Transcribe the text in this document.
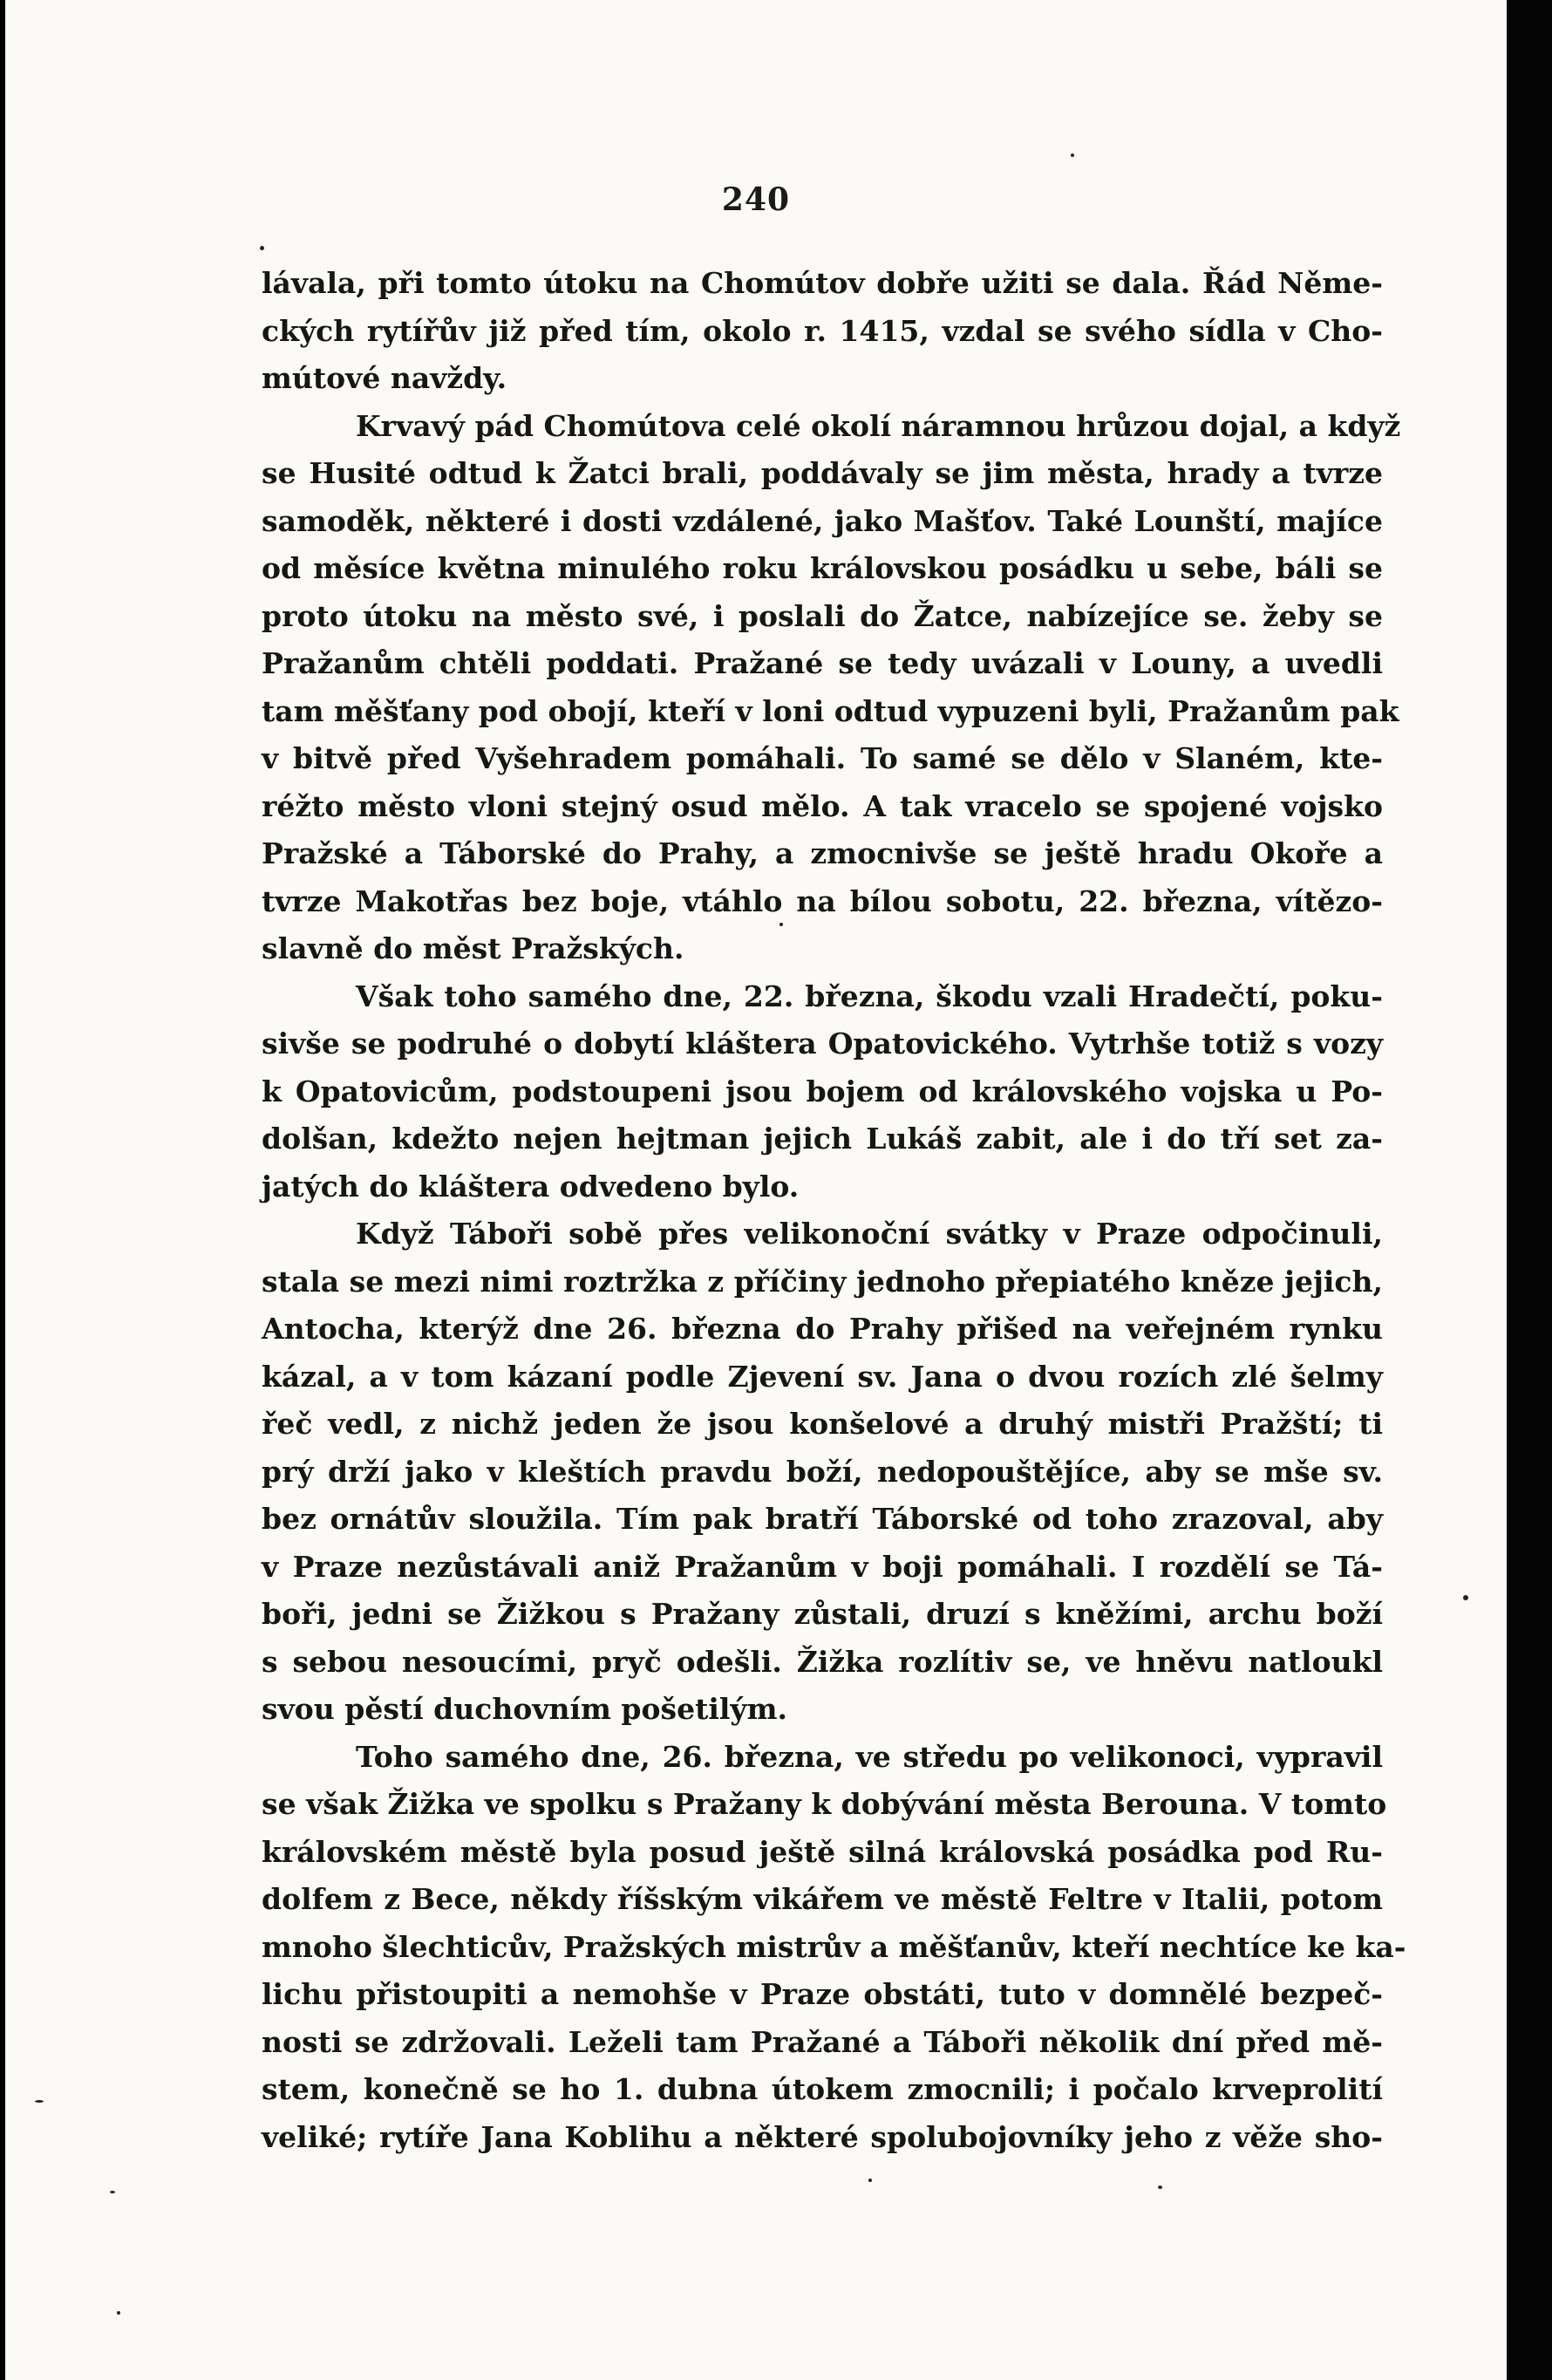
240
lávala, při tomto útoku na Chomútov dobře užiti se dala. Řád Něme-
ckých rytířův již před tím, okolo r. 1415, vzdal se svého sídla v Cho-
mútové navždy.
Krvavý pád Chomútova celé okolí náramnou hrůzou dojal, a když
se Husité odtud k Žatci brali, poddávaly se jim města, hrady a tvrze
samoděk, některé i dosti vzdálené, jako Mašťov. Také Lounští, majíce
od měsíce května minulého roku královskou posádku u sebe, báli se
proto útoku na město své, i poslali do Žatce, nabízejíce se. žeby se
Pražanům chtěli poddati. Pražané se tedy uvázali v Louny, a uvedli
tam měšťany pod obojí, kteří v loni odtud vypuzeni byli, Pražanům pak
v bitvě před Vyšehradem pomáhali. To samé se dělo v Slaném, kte-
réžto město vloni stejný osud mělo. A tak vracelo se spojené vojsko
Pražské a Táborské do Prahy, a zmocnivše se ještě hradu Okoře a
tvrze Makotřas bez boje, vtáhlo na bílou sobotu, 22. března, vítězo-
slavně do měst Pražských.
Však toho samého dne, 22. března, škodu vzali Hradečtí, poku-
sivše se podruhé o dobytí kláštera Opatovického. Vytrhše totiž s vozy
k Opatovicům, podstoupeni jsou bojem od královského vojska u Po-
dolšan, kdežto nejen hejtman jejich Lukáš zabit, ale i do tří set za-
jatých do kláštera odvedeno bylo.
Když Táboři sobě přes velikonoční svátky v Praze odpočinuli,
stala se mezi nimi roztržka z příčiny jednoho přepiatého kněze jejich,
Antocha, kterýž dne 26. března do Prahy přišed na veřejném rynku
kázal, a v tom kázaní podle Zjevení sv. Jana o dvou rozích zlé šelmy
řeč vedl, z nichž jeden že jsou konšelové a druhý mistři Pražští; ti
prý drží jako v kleštích pravdu boží, nedopouštějíce, aby se mše sv.
bez ornátův sloužila. Tím pak bratří Táborské od toho zrazoval, aby
v Praze nezůstávali aniž Pražanům v boji pomáhali. I rozdělí se Tá-
boři, jedni se Žižkou s Pražany zůstali, druzí s kněžími, archu boží
s sebou nesoucími, pryč odešli. Žižka rozlítiv se, ve hněvu natloukl
svou pěstí duchovním pošetilým.
Toho samého dne, 26. března, ve středu po velikonoci, vypravil
se však Žižka ve spolku s Pražany k dobývání města Berouna. V tomto
královském městě byla posud ještě silná královská posádka pod Ru-
dolfem z Bece, někdy říšským vikářem ve městě Feltre v Italii, potom
mnoho šlechticův, Pražských mistrův a měšťanův, kteří nechtíce ke ka-
lichu přistoupiti a nemohše v Praze obstáti, tuto v domnělé bezpeč-
nosti se zdržovali. Leželi tam Pražané a Táboři několik dní před mě-
stem, konečně se ho 1. dubna útokem zmocnili; i počalo krveprolití
veliké; rytíře Jana Koblihu a některé spolubojovníky jeho z věže sho-
